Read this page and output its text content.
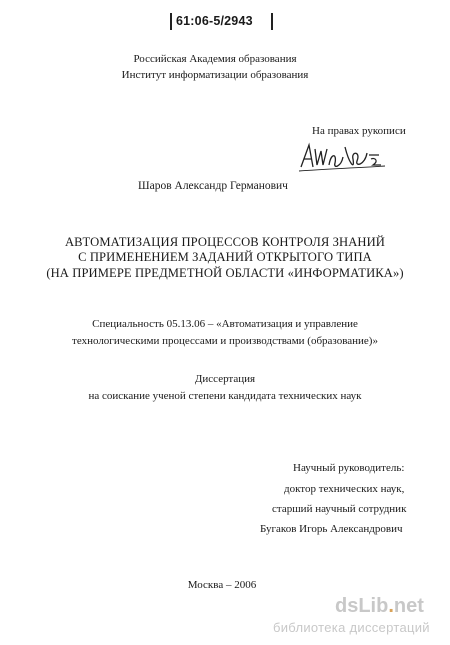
61:06-5/2943
Российская Академия образования
Институт информатизации образования
На правах рукописи
Шаров Александр Германович
АВТОМАТИЗАЦИЯ ПРОЦЕССОВ КОНТРОЛЯ ЗНАНИЙ
С ПРИМЕНЕНИЕМ ЗАДАНИЙ ОТКРЫТОГО ТИПА
(НА ПРИМЕРЕ ПРЕДМЕТНОЙ ОБЛАСТИ «ИНФОРМАТИКА»)
Специальность 05.13.06 – «Автоматизация и управление
технологическими процессами и производствами (образование)»
Диссертация
на соискание ученой степени кандидата технических наук
Научный руководитель:
доктор технических наук,
старший научный сотрудник
Бугаков Игорь Александрович
Москва – 2006
dsLib.net
библиотека диссертаций
